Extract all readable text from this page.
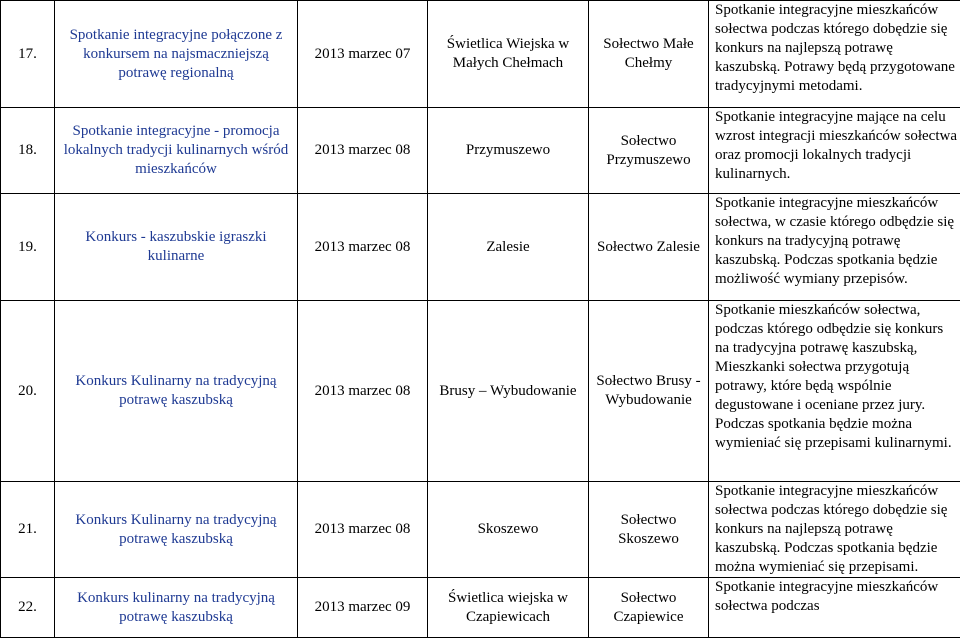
17.	Spotkanie integracyjne połączone z konkursem na najsmaczniejszą potrawę regionalną	2013 marzec 07	Świetlica Wiejska w Małych Chełmach	Sołectwo Małe Chełmy	Spotkanie integracyjne mieszkańców sołectwa podczas którego dobędzie się konkurs na najlepszą potrawę kaszubską. Potrawy będą przygotowane tradycyjnymi metodami.
18.	Spotkanie integracyjne - promocja lokalnych tradycji kulinarnych wśród mieszkańców	2013 marzec 08	Przymuszewo	Sołectwo Przymuszewo	Spotkanie integracyjne mające na celu wzrost integracji mieszkańców sołectwa oraz promocji lokalnych tradycji kulinarnych.
19.	Konkurs - kaszubskie igraszki kulinarne	2013 marzec 08	Zalesie	Sołectwo Zalesie	Spotkanie integracyjne mieszkańców sołectwa, w czasie którego odbędzie się konkurs na tradycyjną potrawę kaszubską. Podczas spotkania będzie możliwość wymiany przepisów.
20.	Konkurs Kulinarny na tradycyjną potrawę kaszubską	2013 marzec 08	Brusy – Wybudowanie	Sołectwo Brusy - Wybudowanie	Spotkanie mieszkańców sołectwa, podczas którego odbędzie się konkurs na tradycyjna potrawę kaszubską, Mieszkanki sołectwa przygotują potrawy, które będą wspólnie degustowane i oceniane przez jury. Podczas spotkania będzie można wymieniać się przepisami kulinarnymi.
21.	Konkurs Kulinarny na tradycyjną potrawę kaszubską	2013 marzec 08	Skoszewo	Sołectwo Skoszewo	Spotkanie integracyjne mieszkańców sołectwa podczas którego dobędzie się konkurs na najlepszą potrawę kaszubską. Podczas spotkania będzie można wymieniać się przepisami.
22.	Konkurs kulinarny na tradycyjną potrawę kaszubską	2013 marzec 09	Świetlica wiejska w Czapiewicach	Sołectwo Czapiewice	Spotkanie integracyjne mieszkańców sołectwa podczas
